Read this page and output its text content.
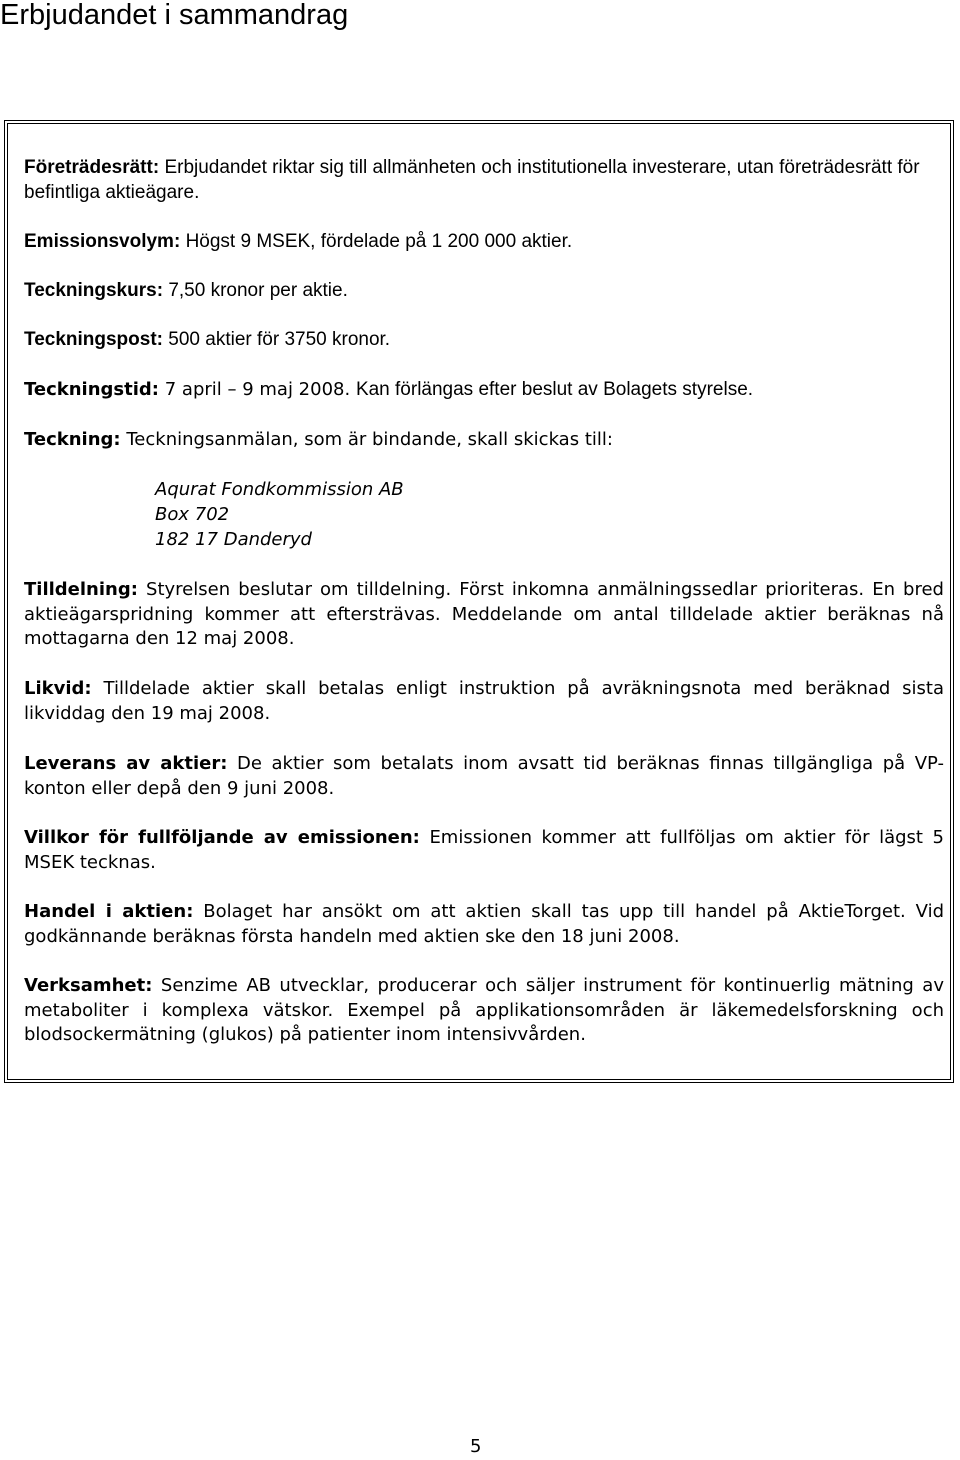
Erbjudandet i sammandrag

Företrädesrätt: Erbjudandet riktar sig till allmänheten och institutionella investerare, utan företrädesrätt för befintliga aktieägare.

Emissionsvolym: Högst 9 MSEK, fördelade på 1 200 000 aktier.

Teckningskurs: 7,50 kronor per aktie.

Teckningspost: 500 aktier för 3750 kronor.

Teckningstid: 7 april – 9 maj 2008. Kan förlängas efter beslut av Bolagets styrelse.

Teckning: Teckningsanmälan, som är bindande, skall skickas till:

Aqurat Fondkommission AB
Box 702
182 17 Danderyd

Tilldelning: Styrelsen beslutar om tilldelning. Först inkomna anmälningssedlar prioriteras. En bred aktieägarspridning kommer att eftersträvas. Meddelande om antal tilldelade aktier beräknas nå mottagarna den 12 maj 2008.

Likvid: Tilldelade aktier skall betalas enligt instruktion på avräkningsnota med beräknad sista likviddag den 19 maj 2008.

Leverans av aktier: De aktier som betalats inom avsatt tid beräknas finnas tillgängliga på VP-konton eller depå den 9 juni 2008.

Villkor för fullföljande av emissionen: Emissionen kommer att fullföljas om aktier för lägst 5 MSEK tecknas.

Handel i aktien: Bolaget har ansökt om att aktien skall tas upp till handel på AktieTorget. Vid godkännande beräknas första handeln med aktien ske den 18 juni 2008.

Verksamhet: Senzime AB utvecklar, producerar och säljer instrument för kontinuerlig mätning av metaboliter i komplexa vätskor. Exempel på applikationsområden är läkemedelsforskning och blodsockermätning (glukos) på patienter inom intensivvården.

5
